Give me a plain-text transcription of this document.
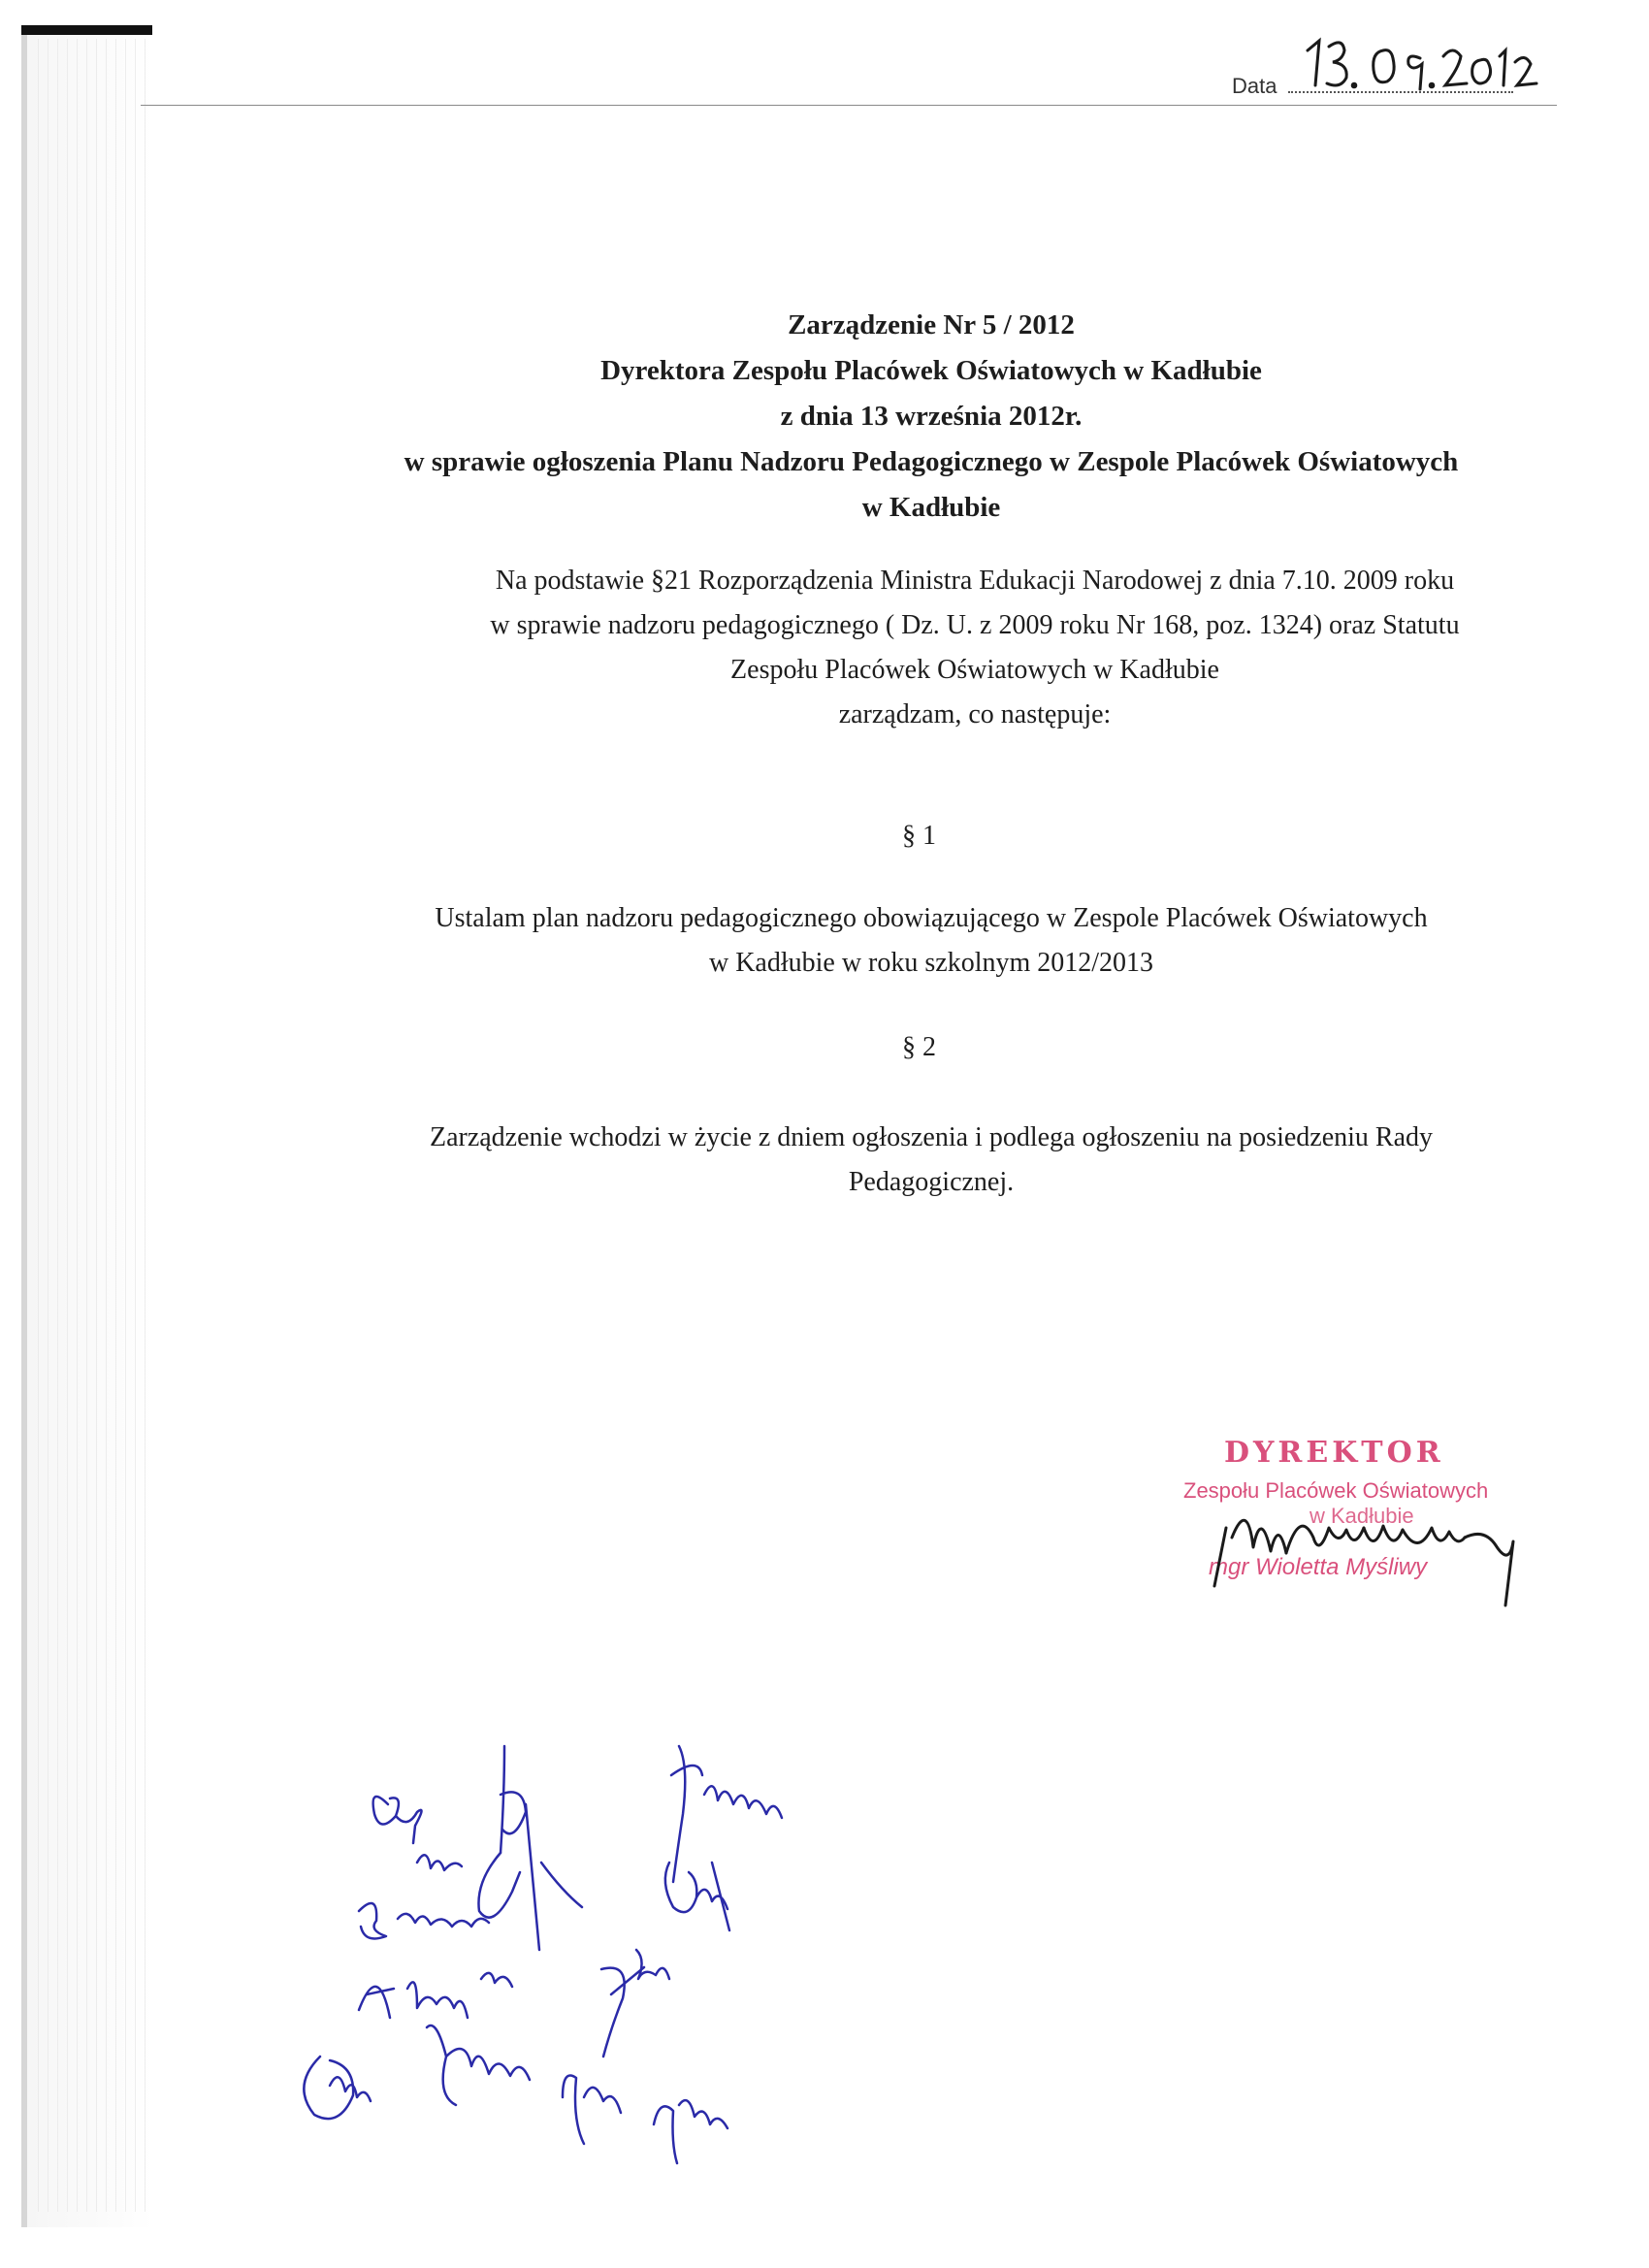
Data
Zarządzenie Nr 5 / 2012
Dyrektora Zespołu Placówek Oświatowych w Kadłubie
z dnia 13 września 2012r.
w sprawie ogłoszenia Planu Nadzoru Pedagogicznego w Zespole Placówek Oświatowych
w Kadłubie
Na podstawie §21 Rozporządzenia Ministra Edukacji Narodowej z dnia 7.10. 2009 roku
w sprawie nadzoru pedagogicznego ( Dz. U. z 2009 roku Nr 168, poz. 1324) oraz Statutu
Zespołu Placówek Oświatowych w Kadłubie
zarządzam, co następuje:
§ 1
Ustalam plan nadzoru pedagogicznego obowiązującego w Zespole Placówek Oświatowych
w Kadłubie w roku szkolnym 2012/2013
§ 2
Zarządzenie wchodzi w życie z dniem ogłoszenia i podlega ogłoszeniu na posiedzeniu Rady
Pedagogicznej.
DYREKTOR
Zespołu Placówek Oświatowych
w Kadłubie
mgr Wioletta Myśliwy
